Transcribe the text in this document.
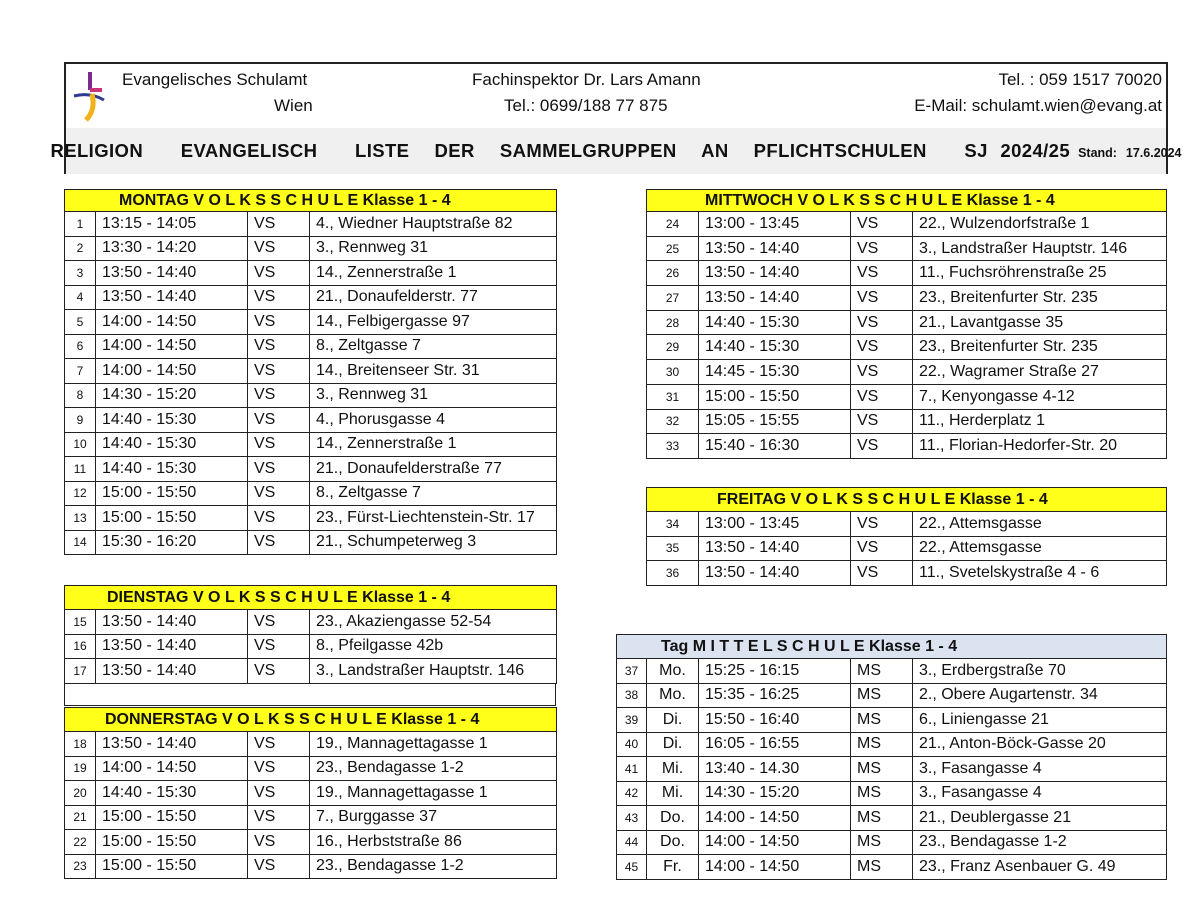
Evangelisches Schulamt
Wien
Fachinspektor Dr. Lars Amann
Tel.: 0699/188 77 875
Tel. : 059 1517 70020
E-Mail: schulamt.wien@evang.at
RELIGION   EVANGELISCH   LISTE  DER  SAMMELGRUPPEN  AN  PFLICHTSCHULEN   SJ 2024/25 Stand:  17.6.2024
MONTAG V O L K S S C H U L E Klasse 1 - 4			
1	13:15 - 14:05	VS	4., Wiedner Hauptstraße 82
2	13:30 - 14:20	VS	3., Rennweg 31
3	13:50 - 14:40	VS	14., Zennerstraße 1
4	13:50 - 14:40	VS	21., Donaufelderstr. 77
5	14:00 - 14:50	VS	14., Felbigergasse 97
6	14:00 - 14:50	VS	8., Zeltgasse 7
7	14:00 - 14:50	VS	14., Breitenseer Str. 31
8	14:30 - 15:20	VS	3., Rennweg 31
9	14:40 - 15:30	VS	4., Phorusgasse 4
10	14:40 - 15:30	VS	14., Zennerstraße 1
11	14:40 - 15:30	VS	21., Donaufelderstraße 77
12	15:00 - 15:50	VS	8., Zeltgasse 7
13	15:00 - 15:50	VS	23., Fürst-Liechtenstein-Str. 17
14	15:30 - 16:20	VS	21., Schumpeterweg 3
DIENSTAG V O L K S S C H U L E Klasse 1 - 4			
15	13:50 - 14:40	VS	23., Akaziengasse 52-54
16	13:50 - 14:40	VS	8., Pfeilgasse 42b
17	13:50 - 14:40	VS	3., Landstraßer Hauptstr. 146
DONNERSTAG V O L K S S C H U L E Klasse 1 - 4			
18	13:50 - 14:40	VS	19., Mannagettagasse 1
19	14:00 - 14:50	VS	23., Bendagasse 1-2
20	14:40 - 15:30	VS	19., Mannagettagasse 1
21	15:00 - 15:50	VS	7., Burggasse 37
22	15:00 - 15:50	VS	16., Herbststraße 86
23	15:00 - 15:50	VS	23., Bendagasse 1-2
MITTWOCH V O L K S S C H U L E Klasse 1 - 4			
24	13:00 - 13:45	VS	22., Wulzendorfstraße 1
25	13:50 - 14:40	VS	3., Landstraßer Hauptstr. 146
26	13:50 - 14:40	VS	11., Fuchsröhrenstraße 25
27	13:50 - 14:40	VS	23., Breitenfurter Str. 235
28	14:40 - 15:30	VS	21., Lavantgasse 35
29	14:40 - 15:30	VS	23., Breitenfurter Str. 235
30	14:45 - 15:30	VS	22., Wagramer Straße 27
31	15:00 - 15:50	VS	7., Kenyongasse 4-12
32	15:05 - 15:55	VS	11., Herderplatz 1
33	15:40 - 16:30	VS	11., Florian-Hedorfer-Str. 20
FREITAG V O L K S S C H U L E Klasse 1 - 4			
34	13:00 - 13:45	VS	22., Attemsgasse
35	13:50 - 14:40	VS	22., Attemsgasse
36	13:50 - 14:40	VS	11., Svetelskystraße 4 - 6
Tag M I T T E L S C H U L E Klasse 1 - 4				
37	Mo.	15:25 - 16:15	MS	3., Erdbergstraße 70
38	Mo.	15:35 - 16:25	MS	2., Obere Augartenstr. 34
39	Di.	15:50 - 16:40	MS	6., Liniengasse 21
40	Di.	16:05 - 16:55	MS	21., Anton-Böck-Gasse 20
41	Mi.	13:40 - 14.30	MS	3., Fasangasse 4
42	Mi.	14:30 - 15:20	MS	3., Fasangasse 4
43	Do.	14:00 - 14:50	MS	21., Deublergasse 21
44	Do.	14:00 - 14:50	MS	23., Bendagasse 1-2
45	Fr.	14:00 - 14:50	MS	23., Franz Asenbauer G. 49
